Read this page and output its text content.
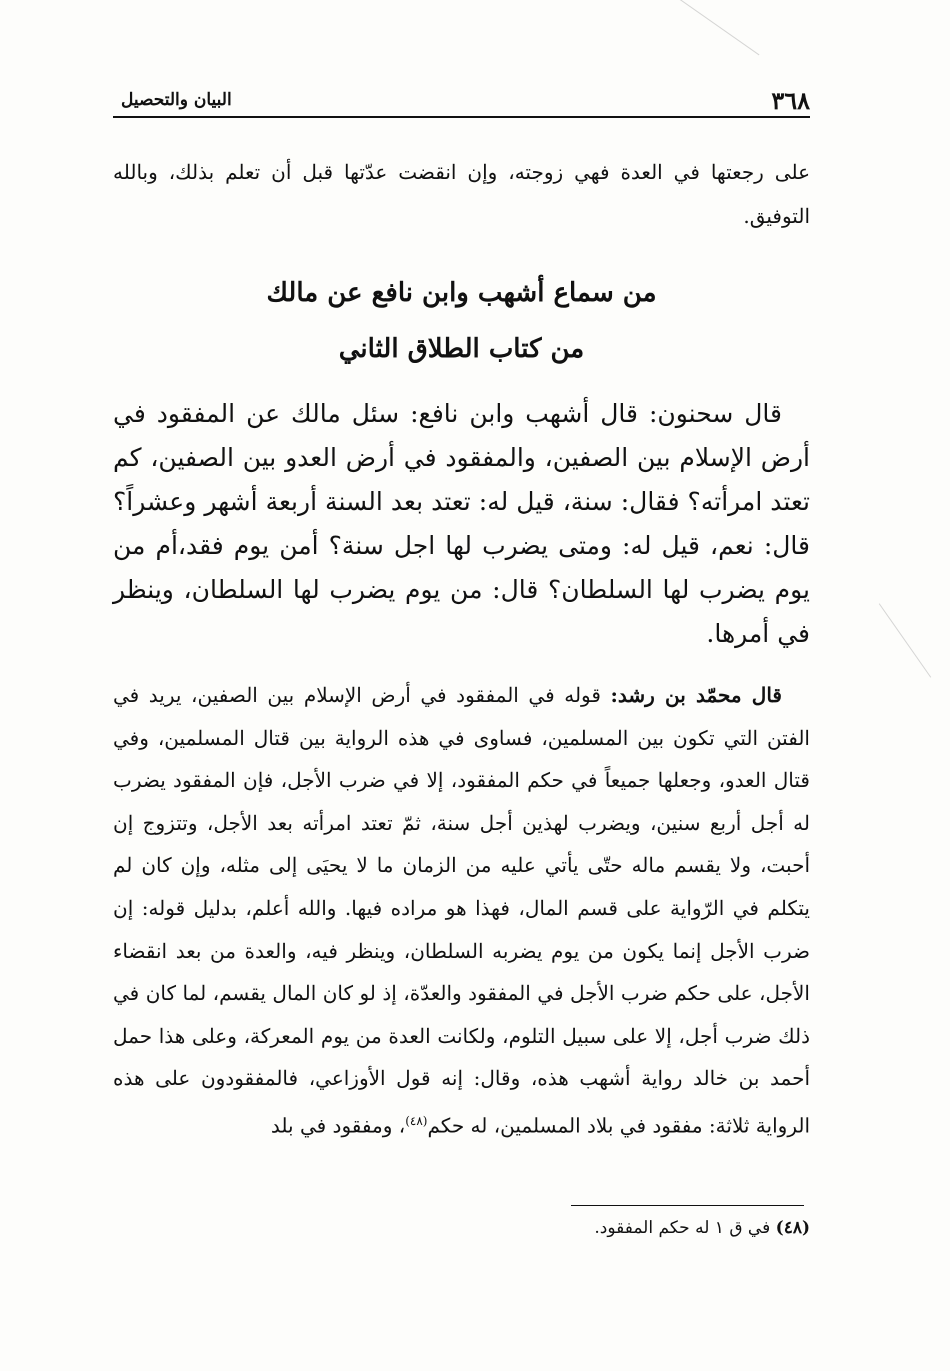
٣٦٨
البيان والتحصيل

على رجعتها في العدة فهي زوجته، وإن انقضت عدّتها قبل أن تعلم بذلك، وبالله التوفيق.

من سماع أشهب وابن نافع عن مالك
من كتاب الطلاق الثاني

قال سحنون: قال أشهب وابن نافع: سئل مالك عن المفقود في أرض الإسلام بين الصفين، والمفقود في أرض العدو بين الصفين، كم تعتد امرأته؟ فقال: سنة، قيل له: تعتد بعد السنة أربعة أشهر وعشراً؟ قال: نعم، قيل له: ومتى يضرب لها اجل سنة؟ أمن يوم فقد،أم من يوم يضرب لها السلطان؟ قال: من يوم يضرب لها السلطان، وينظر في أمرها.

قال محمّد بن رشد: قوله في المفقود في أرض الإسلام بين الصفين، يريد في الفتن التي تكون بين المسلمين، فساوى في هذه الرواية بين قتال المسلمين، وفي قتال العدو، وجعلها جميعاً في حكم المفقود، إلا في ضرب الأجل، فإن المفقود يضرب له أجل أربع سنين، ويضرب لهذين أجل سنة، ثمّ تعتد امرأته بعد الأجل، وتتزوج إن أحبت، ولا يقسم ماله حتّى يأتي عليه من الزمان ما لا يحيَى إلى مثله، وإن كان لم يتكلم في الرّواية على قسم المال، فهذا هو مراده فيها. والله أعلم، بدليل قوله: إن ضرب الأجل إنما يكون من يوم يضربه السلطان، وينظر فيه، والعدة من بعد انقضاء الأجل، على حكم ضرب الأجل في المفقود والعدّة، إذ لو كان المال يقسم، لما كان في ذلك ضرب أجل، إلا على سبيل التلوم، ولكانت العدة من يوم المعركة، وعلى هذا حمل أحمد بن خالد رواية أشهب هذه، وقال: إنه قول الأوزاعي، فالمفقودون على هذه الرواية ثلاثة: مفقود في بلاد المسلمين، له حكم$^{(٤٨)}$، ومفقود في بلد

(٤٨) في ق ١ له حكم المفقود.
